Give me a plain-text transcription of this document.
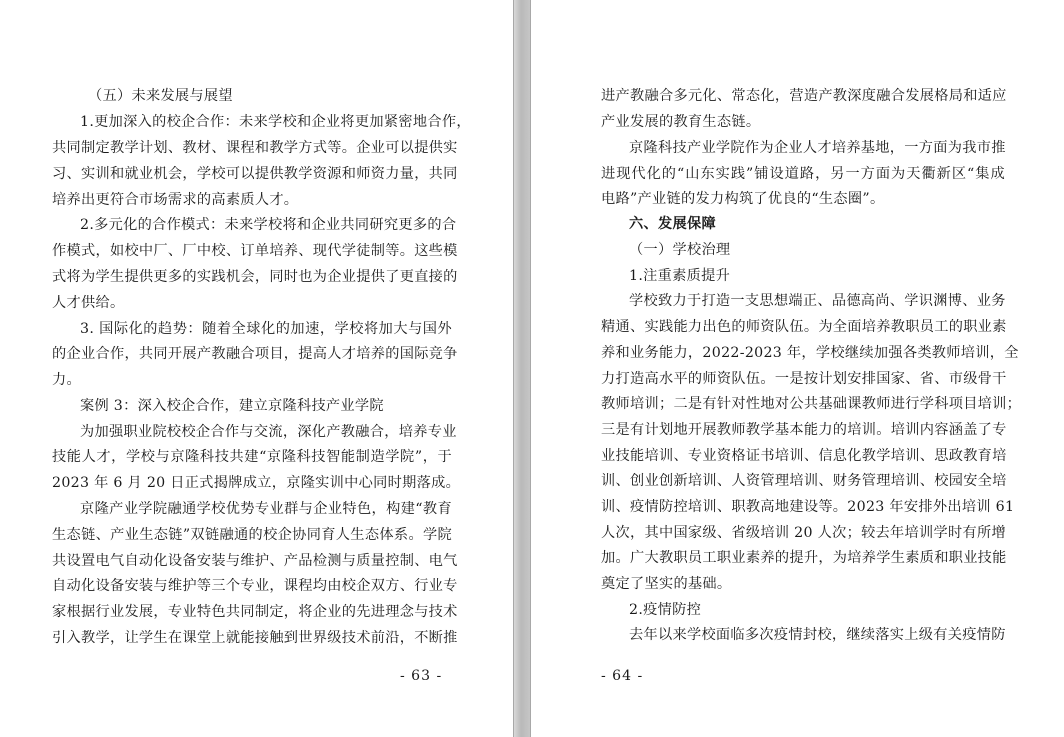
（五）未来发展与展望
1.更加深入的校企合作：未来学校和企业将更加紧密地合作，
共同制定教学计划、教材、课程和教学方式等。企业可以提供实
习、实训和就业机会，学校可以提供教学资源和师资力量，共同
培养出更符合市场需求的高素质人才。
2.多元化的合作模式：未来学校将和企业共同研究更多的合
作模式，如校中厂、厂中校、订单培养、现代学徒制等。这些模
式将为学生提供更多的实践机会，同时也为企业提供了更直接的
人才供给。
3. 国际化的趋势：随着全球化的加速，学校将加大与国外
的企业合作，共同开展产教融合项目，提高人才培养的国际竞争
力。
案例 3：深入校企合作，建立京隆科技产业学院
为加强职业院校校企合作与交流，深化产教融合，培养专业
技能人才，学校与京隆科技共建“京隆科技智能制造学院”，于
2023 年 6 月 20 日正式揭牌成立，京隆实训中心同时期落成。
京隆产业学院融通学校优势专业群与企业特色，构建“教育
生态链、产业生态链”双链融通的校企协同育人生态体系。学院
共设置电气自动化设备安装与维护、产品检测与质量控制、电气
自动化设备安装与维护等三个专业，课程均由校企双方、行业专
家根据行业发展，专业特色共同制定，将企业的先进理念与技术
引入教学，让学生在课堂上就能接触到世界级技术前沿，不断推
- 63 -
进产教融合多元化、常态化，营造产教深度融合发展格局和适应
产业发展的教育生态链。
京隆科技产业学院作为企业人才培养基地，一方面为我市推
进现代化的“山东实践”铺设道路，另一方面为天衢新区“集成
电路”产业链的发力构筑了优良的“生态圈”。
六、发展保障
（一）学校治理
1.注重素质提升
学校致力于打造一支思想端正、品德高尚、学识渊博、业务
精通、实践能力出色的师资队伍。为全面培养教职员工的职业素
养和业务能力，2022-2023 年，学校继续加强各类教师培训，全
力打造高水平的师资队伍。一是按计划安排国家、省、市级骨干
教师培训；二是有针对性地对公共基础课教师进行学科项目培训；
三是有计划地开展教师教学基本能力的培训。培训内容涵盖了专
业技能培训、专业资格证书培训、信息化教学培训、思政教育培
训、创业创新培训、人资管理培训、财务管理培训、校园安全培
训、疫情防控培训、职教高地建设等。2023 年安排外出培训 61
人次，其中国家级、省级培训 20 人次；较去年培训学时有所增
加。广大教职员工职业素养的提升，为培养学生素质和职业技能
奠定了坚实的基础。
2.疫情防控
去年以来学校面临多次疫情封校，继续落实上级有关疫情防
- 64 -
